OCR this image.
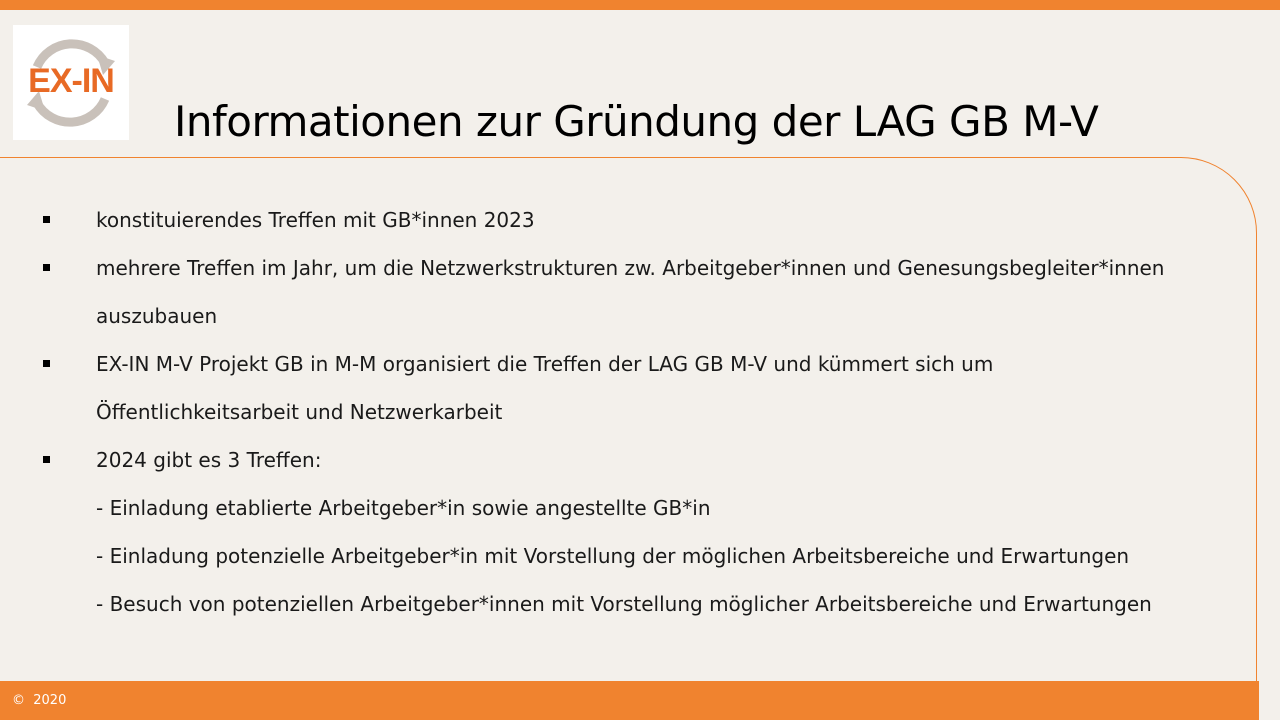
EX-IN
Informationen zur Gründung der LAG GB M-V
konstituierendes Treffen mit GB*innen 2023
mehrere Treffen im Jahr, um die Netzwerkstrukturen zw. Arbeitgeber*innen und Genesungsbegleiter*innen
auszubauen
EX-IN M-V Projekt GB in M-M organisiert die Treffen der LAG GB M-V und kümmert sich um
Öffentlichkeitsarbeit und Netzwerkarbeit
2024 gibt es 3 Treffen:
- Einladung etablierte Arbeitgeber*in sowie angestellte GB*in
- Einladung potenzielle Arbeitgeber*in mit Vorstellung der möglichen Arbeitsbereiche und Erwartungen
- Besuch von potenziellen Arbeitgeber*innen mit Vorstellung möglicher Arbeitsbereiche und Erwartungen
©  2020
